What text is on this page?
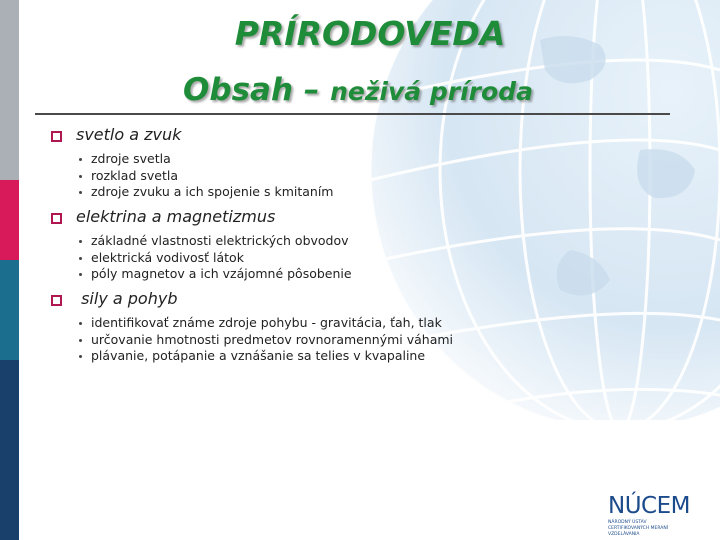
PRÍRODOVEDA
Obsah – neživá príroda
svetlo a zvuk
zdroje svetla
rozklad svetla
zdroje zvuku a ich spojenie s kmitaním
elektrina a magnetizmus
základné vlastnosti elektrických obvodov
elektrická vodivosť látok
póly magnetov a ich vzájomné pôsobenie
sily a pohyb
identifikovať známe zdroje pohybu - gravitácia, ťah, tlak
určovanie hmotnosti predmetov rovnoramennými váhami
plávanie, potápanie a vznášanie sa telies v kvapaline
NÚCEM
NÁRODNÝ ÚSTAV CERTIFIKOVANÝCH MERANÍ VZDELÁVANIA
